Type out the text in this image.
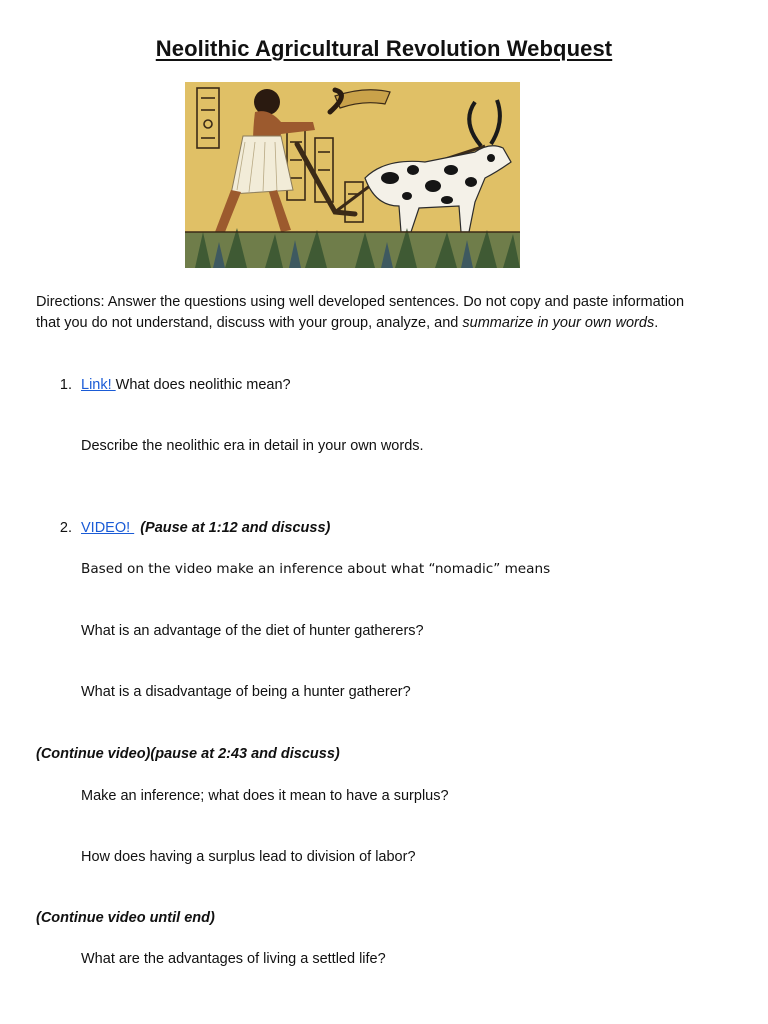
Neolithic Agricultural Revolution Webquest
Directions: Answer the questions using well developed sentences. Do not copy and paste information
that you do not understand, discuss with your group, analyze, and summarize in your own words.
1. Link! What does neolithic mean?
Describe the neolithic era in detail in your own words.
2. VIDEO! (Pause at 1:12 and discuss)
Based on the video make an inference about what “nomadic” means
What is an advantage of the diet of hunter gatherers?
What is a disadvantage of being a hunter gatherer?
(Continue video)(pause at 2:43 and discuss)
Make an inference; what does it mean to have a surplus?
How does having a surplus lead to division of labor?
(Continue video until end)
What are the advantages of living a settled life?
